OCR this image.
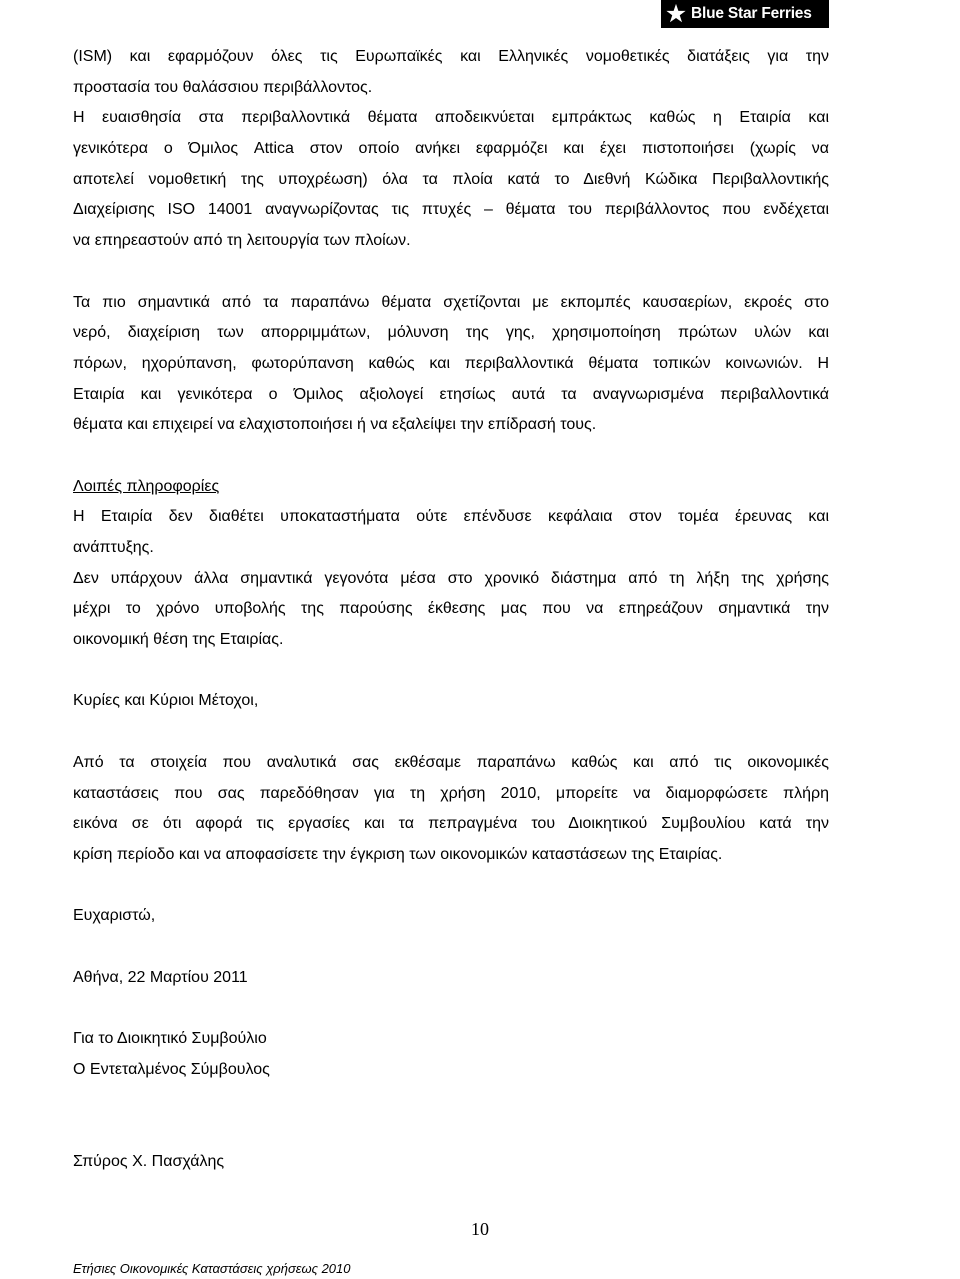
Blue Star Ferries
(ISM) και εφαρμόζουν όλες τις Ευρωπαϊκές και Ελληνικές νομοθετικές διατάξεις για την
προστασία του θαλάσσιου περιβάλλοντος.
Η ευαισθησία στα περιβαλλοντικά θέματα αποδεικνύεται εμπράκτως καθώς η Εταιρία και
γενικότερα ο Όμιλος Attica στον οποίο ανήκει εφαρμόζει και έχει πιστοποιήσει (χωρίς να
αποτελεί νομοθετική της υποχρέωση) όλα τα πλοία κατά το Διεθνή Κώδικα Περιβαλλοντικής
Διαχείρισης ISO 14001 αναγνωρίζοντας τις πτυχές – θέματα του περιβάλλοντος που ενδέχεται
να επηρεαστούν από τη λειτουργία των πλοίων.
Τα πιο σημαντικά από τα παραπάνω θέματα σχετίζονται με εκπομπές καυσαερίων, εκροές στο
νερό, διαχείριση των απορριμμάτων, μόλυνση της γης, χρησιμοποίηση πρώτων υλών και
πόρων, ηχορύπανση, φωτορύπανση καθώς και περιβαλλοντικά θέματα τοπικών κοινωνιών. Η
Εταιρία και γενικότερα ο Όμιλος αξιολογεί ετησίως αυτά τα αναγνωρισμένα περιβαλλοντικά
θέματα και επιχειρεί να ελαχιστοποιήσει ή να εξαλείψει την επίδρασή τους.
Λοιπές πληροφορίες
Η Εταιρία δεν διαθέτει υποκαταστήματα ούτε επένδυσε κεφάλαια στον τομέα έρευνας και
ανάπτυξης.
Δεν υπάρχουν άλλα σημαντικά γεγονότα μέσα στο χρονικό διάστημα από τη λήξη της χρήσης
μέχρι το χρόνο υποβολής της παρούσης έκθεσης μας που να επηρεάζουν σημαντικά την
οικονομική θέση της Εταιρίας.
Κυρίες και Κύριοι Μέτοχοι,
Από τα στοιχεία που αναλυτικά σας εκθέσαμε παραπάνω καθώς και από τις οικονομικές
καταστάσεις που σας παρεδόθησαν για τη χρήση 2010, μπορείτε να διαμορφώσετε πλήρη
εικόνα σε ότι αφορά τις εργασίες και τα πεπραγμένα του Διοικητικού Συμβουλίου κατά την
κρίση περίοδο και να αποφασίσετε την έγκριση των οικονομικών καταστάσεων της Εταιρίας.
Ευχαριστώ,
Αθήνα, 22 Μαρτίου 2011
Για το Διοικητικό Συμβούλιο
Ο Εντεταλμένος Σύμβουλος
Σπύρος Χ. Πασχάλης
10
Ετήσιες Οικονομικές Καταστάσεις χρήσεως 2010
